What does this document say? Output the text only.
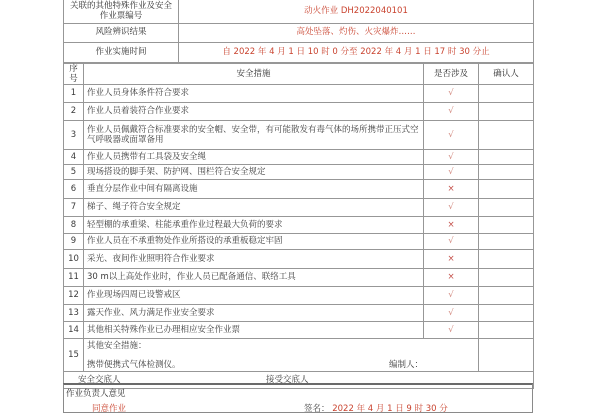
关联的其他特殊作业及安全作业票编号	动火作业 DH2022040101
风险辨识结果	高处坠落、灼伤、火灾爆炸……
作业实施时间	自 2022 年 4 月 1 日 10 时 0 分至 2022 年 4 月 1 日 17 时 30 分止
序号	安全措施	是否涉及	确认人
1	作业人员身体条件符合要求	√	
2	作业人员着装符合作业要求	√	
3	作业人员佩戴符合标准要求的安全帽、安全带，有可能散发有毒气体的场所携带正压式空气呼吸器或面罩备用	√	
4	作业人员携带有工具袋及安全绳	√	
5	现场搭设的脚手架、防护网、围栏符合安全规定	√	
6	垂直分层作业中间有隔离设施	×	
7	梯子、绳子符合安全规定	√	
8	轻型棚的承重梁、柱能承重作业过程最大负荷的要求	×	
9	作业人员在不承重物处作业所搭设的承重板稳定牢固	√	
10	采光、夜间作业照明符合作业要求	×	
11	30 m以上高处作业时，作业人员已配备通信、联络工具	×	
12	作业现场四周已设警戒区	√	
13	露天作业、风力满足作业安全要求	√	
14	其他相关特殊作业已办理相应安全作业票	√	
15	其他安全措施：
携带便携式气体检测仪。 编制人：		

安全交底人 接受交底人			
作业负责人意见
同意作业	签名： 2022 年 4 月 1 日 9 时 30 分
